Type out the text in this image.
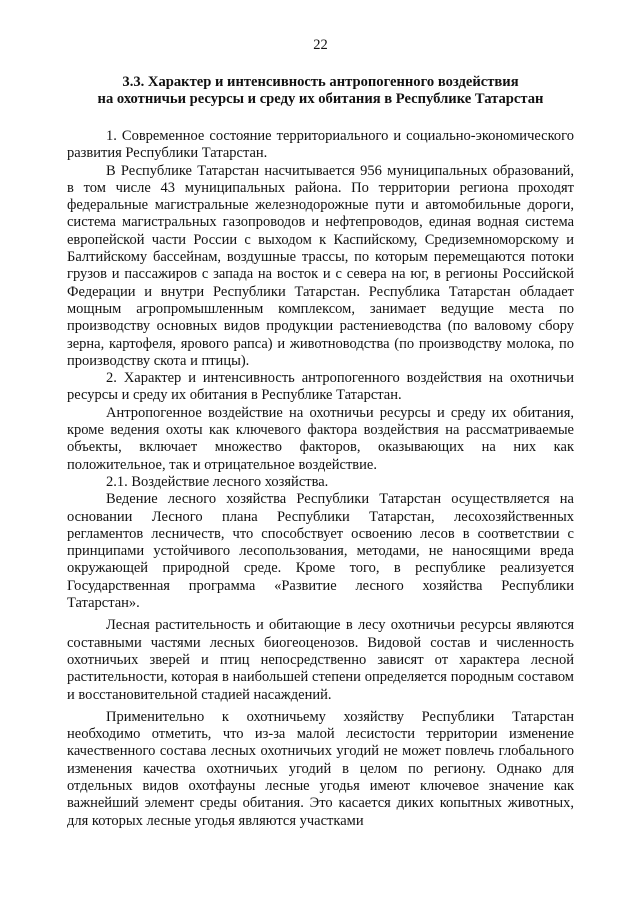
22
3.3. Характер и интенсивность антропогенного воздействия
на охотничьи ресурсы и среду их обитания в Республике Татарстан

1. Современное состояние территориального и социально-экономического развития Республики Татарстан.

В Республике Татарстан насчитывается 956 муниципальных образований, в том числе 43 муниципальных района. По территории региона проходят федеральные магистральные железнодорожные пути и автомобильные дороги, система магистральных газопроводов и нефтепроводов, единая водная система европейской части России с выходом к Каспийскому, Средиземноморскому и Балтийскому бассейнам, воздушные трассы, по которым перемещаются потоки грузов и пассажиров с запада на восток и с севера на юг, в регионы Российской Федерации и внутри Республики Татарстан. Республика Татарстан обладает мощным агропромышленным комплексом, занимает ведущие места по производству основных видов продукции растениеводства (по валовому сбору зерна, картофеля, ярового рапса) и животноводства (по производству молока, по производству скота и птицы).

2. Характер и интенсивность антропогенного воздействия на охотничьи ресурсы и среду их обитания в Республике Татарстан.

Антропогенное воздействие на охотничьи ресурсы и среду их обитания, кроме ведения охоты как ключевого фактора воздействия на рассматриваемые объекты, включает множество факторов, оказывающих на них как положительное, так и отрицательное воздействие.

2.1. Воздействие лесного хозяйства.

Ведение лесного хозяйства Республики Татарстан осуществляется на основании Лесного плана Республики Татарстан, лесохозяйственных регламентов лесничеств, что способствует освоению лесов в соответствии с принципами устойчивого лесопользования, методами, не наносящими вреда окружающей природной среде. Кроме того, в республике реализуется Государственная программа «Развитие лесного хозяйства Республики Татарстан».

Лесная растительность и обитающие в лесу охотничьи ресурсы являются составными частями лесных биогеоценозов. Видовой состав и численность охотничьих зверей и птиц непосредственно зависят от характера лесной растительности, которая в наибольшей степени определяется породным составом и восстановительной стадией насаждений.

Применительно к охотничьему хозяйству Республики Татарстан необходимо отметить, что из-за малой лесистости территории изменение качественного состава лесных охотничьих угодий не может повлечь глобального изменения качества охотничьих угодий в целом по региону. Однако для отдельных видов охотфауны лесные угодья имеют ключевое значение как важнейший элемент среды обитания. Это касается диких копытных животных, для которых лесные угодья являются участками
